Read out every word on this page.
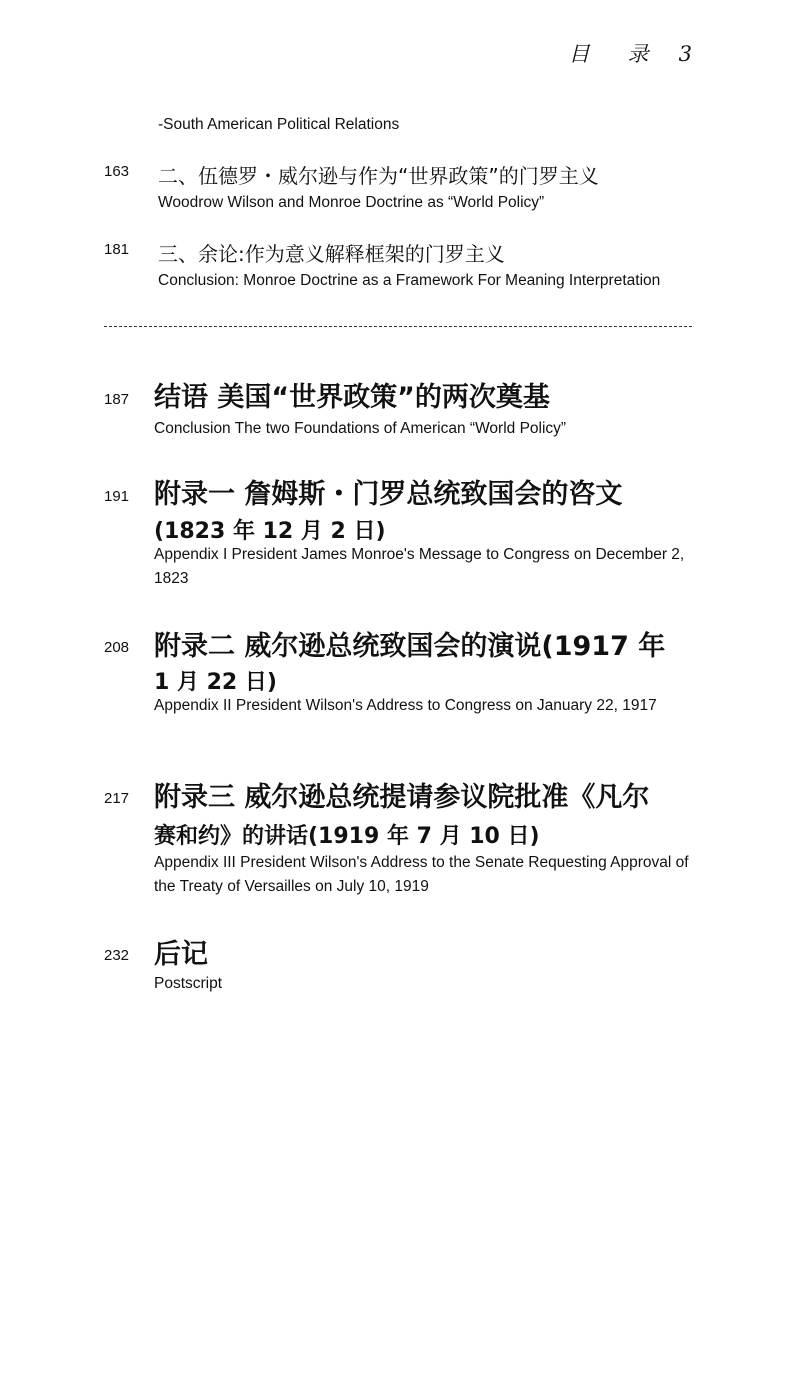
目 录 3
-South American Political Relations
163 二、伍德罗・威尔逊与作为“世界政策”的门罗主义
Woodrow Wilson and Monroe Doctrine as “World Policy”
181 三、余论:作为意义解释框架的门罗主义
Conclusion: Monroe Doctrine as a Framework For Meaning Interpretation
187 结语 美国“世界政策”的两次奠基
Conclusion The two Foundations of American “World Policy”
191 附录一 詹姆斯・门罗总统致国会的咨文
(1823 年 12 月 2 日)
Appendix I President James Monroe's Message to Congress on December 2, 1823
208 附录二 威尔逊总统致国会的演说(1917 年
1 月 22 日)
Appendix II President Wilson's Address to Congress on January 22, 1917
217 附录三 威尔逊总统提请参议院批准《凡尔
赛和约》的讲话(1919 年 7 月 10 日)
Appendix III President Wilson's Address to the Senate Requesting Approval of the Treaty of Versailles on July 10, 1919
232 后记
Postscript
